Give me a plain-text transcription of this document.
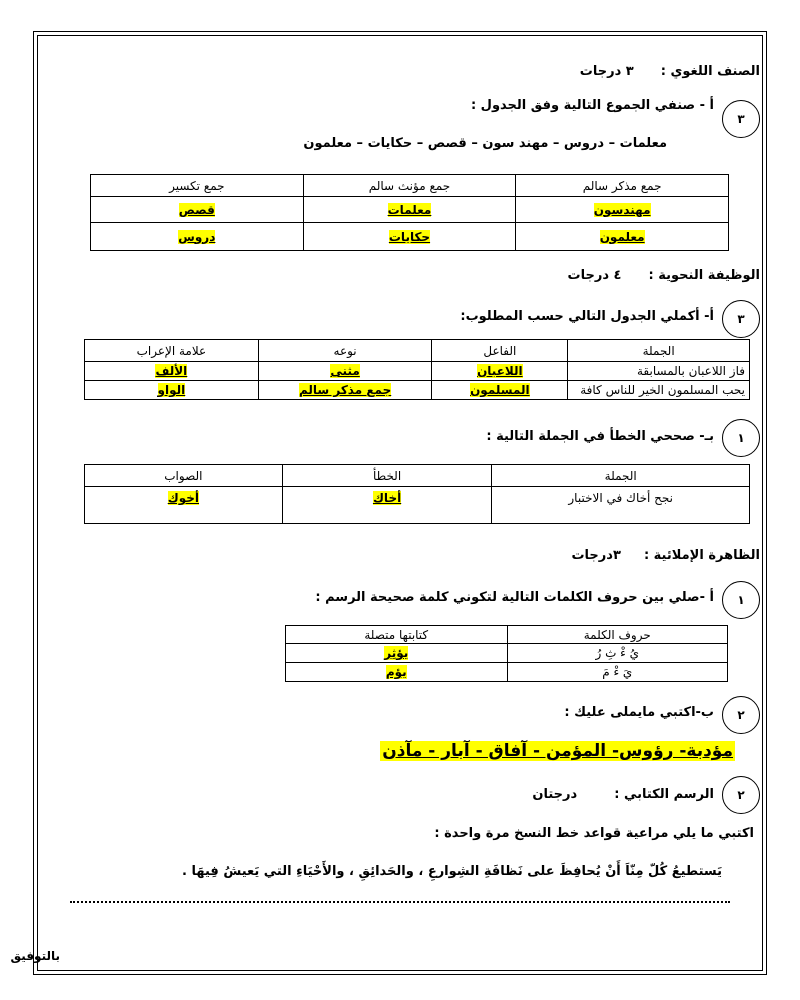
الصنف اللغوي :  ٣ درجات
٣
أ - صنفي الجموع التالية وفق الجدول :
معلمات – دروس – مهند سون – قصص – حكايات – معلمون
جمع مذكر سالم	جمع مؤنث سالم	جمع تكسير
مهندسون	معلمات	قصص
معلمون	حكايات	دروس
الوظيفة النحوية :  ٤ درجات
٣
أ- أكملي الجدول التالي حسب المطلوب:
الجملة	الفاعل	نوعه	علامة الإعراب
فاز اللاعبان بالمسابقة	اللاعبان	مثنى	الألف
يحب المسلمون الخير للناس كافة	المسلمون	جمع مذكر سالم	الواو
١
بـ- صححي الخطأ في الجملة التالية :
الجملة	الخطأ	الصواب
نجح أخاك في الاختبار	أخاك	أخوك
الظاهرة الإملائية :  ٣درجات
١
أ -صلي بين حروف الكلمات التالية لتكوني كلمة صحيحة الرسم :
حروف الكلمة	كتابتها متصلة
يُ ءْ ثِ رُ	يؤثِر
يَ ءْ مَ	يؤم
٢
ب-اكتبي مايملى عليك :
مؤدبة- رؤوس- المؤمن - آفاق - آبار - مآذن
٢
الرسم الكتابي :  درجتان
اكتبي ما يلي مراعية قواعد خط النسخ مرة واحدة :
يَستطيعُ كُلّ مِنّاَ أَنْ يُحافِظَ على نَظافَةِ الشِوارعِ ، والحَدائِقِ ، والأَحْيَاءِ التي يَعيشُ فِيهَا .
بالتوفيق
